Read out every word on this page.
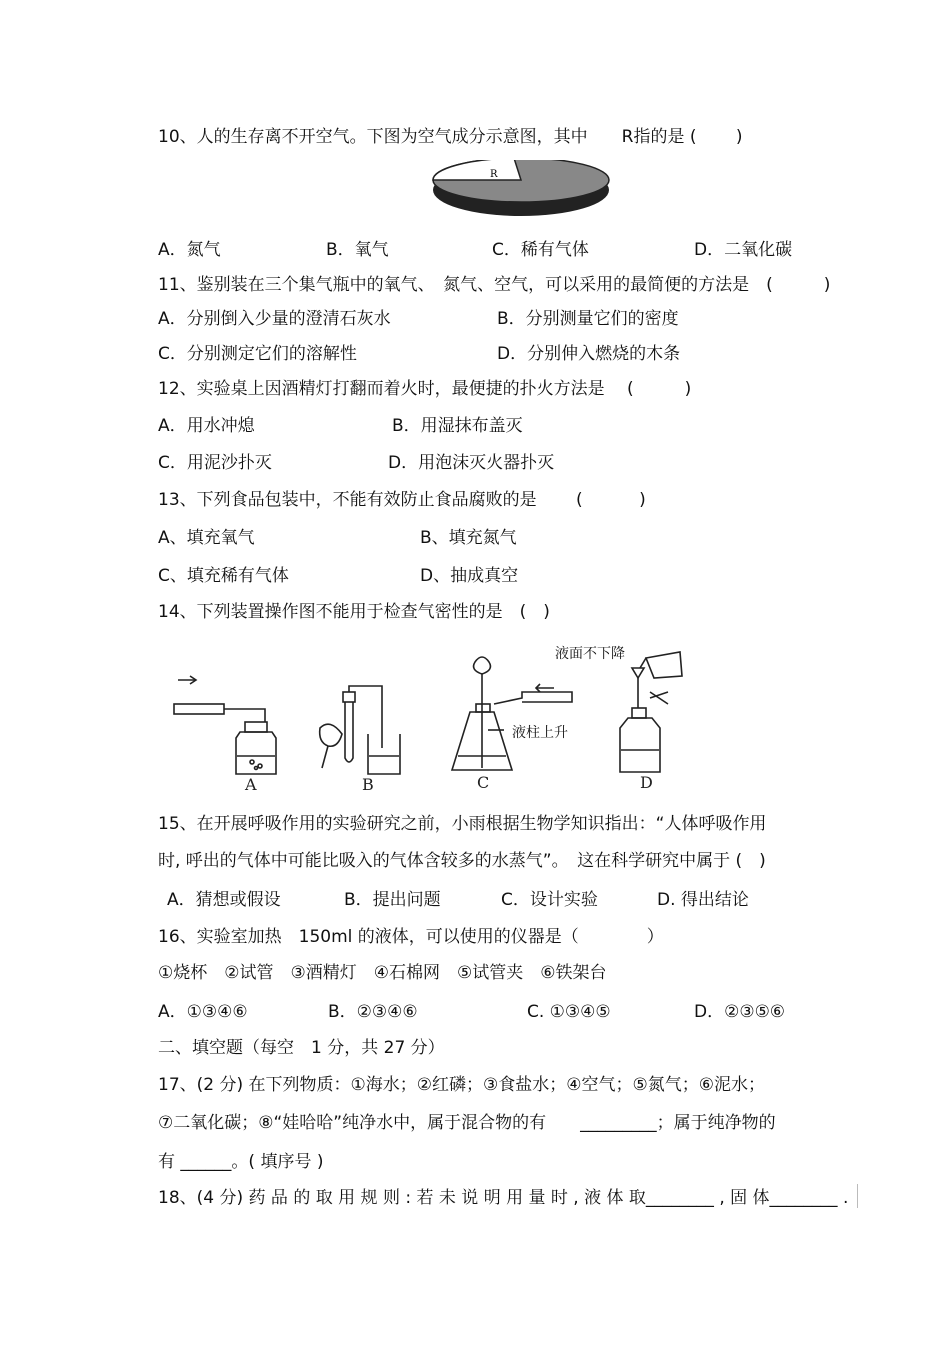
10、人的生存离不开空气。下图为空气成分示意图，其中　　R指的是 (　　 )
R
A．氮气	B．氧气	C．稀有气体	D．二氧化碳
11、鉴别装在三个集气瓶中的氧气、　氮气、空气，可以采用的最简便的方法是　(　　　)
A．分别倒入少量的澄清石灰水	B．分别测量它们的密度
C．分别测定它们的溶解性	D．分别伸入燃烧的木条
12、实验桌上因酒精灯打翻而着火时，最便捷的扑火方法是　 (　　　)
A．用水冲熄	B．用湿抹布盖灭
C．用泥沙扑灭	D．用泡沫灭火器扑灭
13、下列食品包装中，不能有效防止食品腐败的是　　 (　　　 )
A、填充氧气	B、填充氮气
C、填充稀有气体	D、抽成真空
14、下列装置操作图不能用于检查气密性的是　(　)
A	B	C	D
液面不下降
液柱上升
15、在开展呼吸作用的实验研究之前，小雨根据生物学知识指出：“人体呼吸作用
时, 呼出的气体中可能比吸入的气体含较多的水蒸气”。　这在科学研究中属于 (　)
A．猜想或假设	B．提出问题	C．设计实验	D. 得出结论
16、实验室加热　150ml 的液体，可以使用的仪器是（　　　　）
①烧杯　②试管　③酒精灯　④石棉网　⑤试管夹　⑥铁架台
A．①③④⑥	B．②③④⑥	C. ①③④⑤	D．②③⑤⑥
二、填空题（每空　1 分，共 27 分）
17、(2 分) 在下列物质：①海水；②红磷；③食盐水；④空气；⑤氮气；⑥泥水；
⑦二氧化碳；⑧“娃哈哈”纯净水中，属于混合物的有　　_________；属于纯净物的
有 ______。( 填序号 )
18、(4 分) 药 品 的 取 用 规 则 : 若 未 说 明 用 量 时 , 液 体 取________ , 固 体________ .
